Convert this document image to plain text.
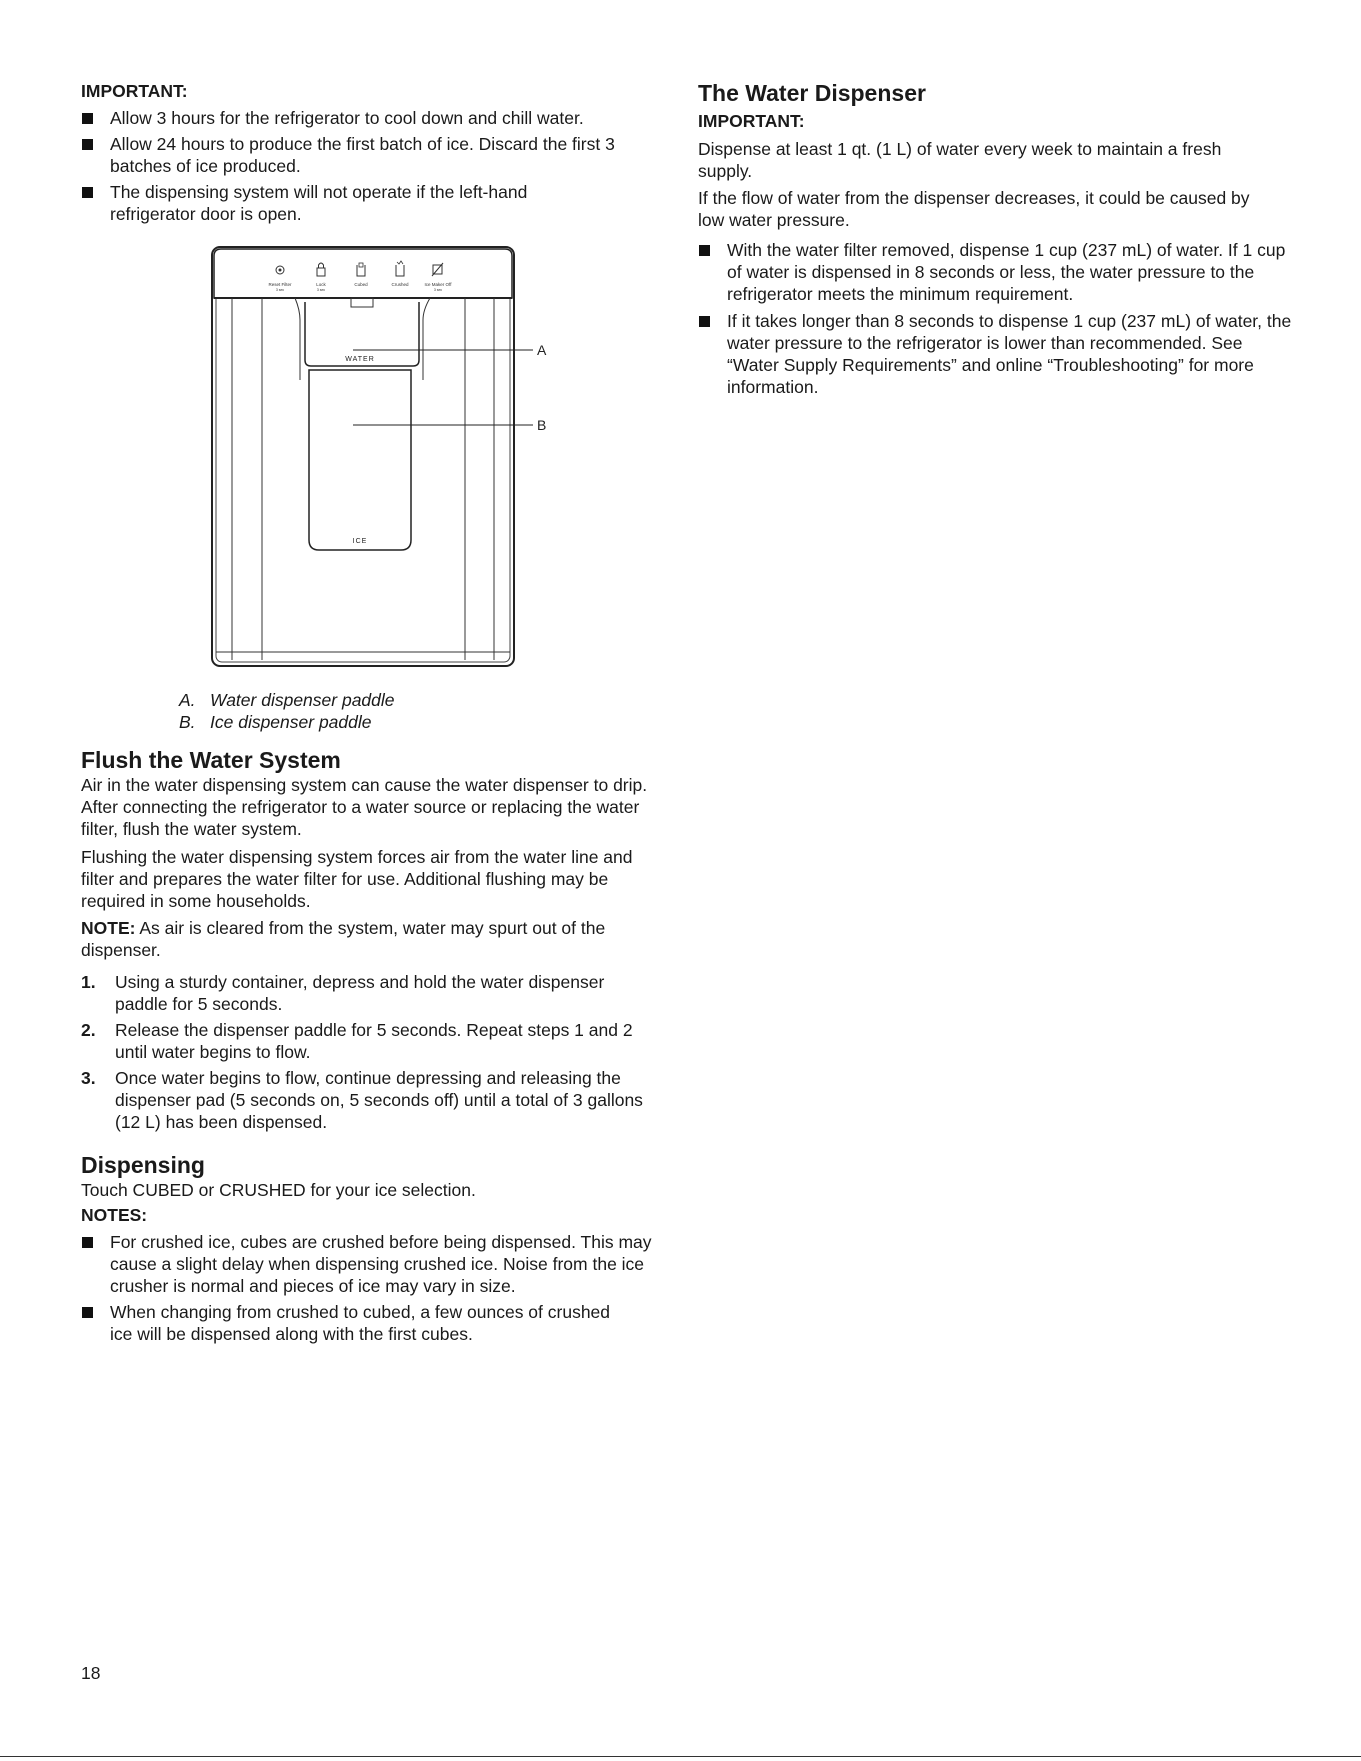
IMPORTANT:
Allow 3 hours for the refrigerator to cool down and chill water.
Allow 24 hours to produce the first batch of ice. Discard the first 3 batches of ice produced.
The dispensing system will not operate if the left-hand refrigerator door is open.
WATER
ICE
A
B
Reset Filter
3 sec
Lock
3 sec
Cubed	Crushed	Ice Maker Off
3 sec
A. Water dispenser paddle
B. Ice dispenser paddle
Flush the Water System

Air in the water dispensing system can cause the water dispenser to drip. After connecting the refrigerator to a water source or replacing the water filter, flush the water system.

Flushing the water dispensing system forces air from the water line and filter and prepares the water filter for use. Additional flushing may be required in some households.

NOTE: As air is cleared from the system, water may spurt out of the dispenser.

1. Using a sturdy container, depress and hold the water dispenser paddle for 5 seconds.
2. Release the dispenser paddle for 5 seconds. Repeat steps 1 and 2 until water begins to flow.
3. Once water begins to flow, continue depressing and releasing the dispenser pad (5 seconds on, 5 seconds off) until a total of 3 gallons (12 L) has been dispensed.
Dispensing

Touch CUBED or CRUSHED for your ice selection.

NOTES:
For crushed ice, cubes are crushed before being dispensed. This may cause a slight delay when dispensing crushed ice. Noise from the ice crusher is normal and pieces of ice may vary in size.
When changing from crushed to cubed, a few ounces of crushed ice will be dispensed along with the first cubes.
The Water Dispenser
IMPORTANT:

Dispense at least 1 qt. (1 L) of water every week to maintain a fresh supply.

If the flow of water from the dispenser decreases, it could be caused by low water pressure.

With the water filter removed, dispense 1 cup (237 mL) of water. If 1 cup of water is dispensed in 8 seconds or less, the water pressure to the refrigerator meets the minimum requirement.
If it takes longer than 8 seconds to dispense 1 cup (237 mL) of water, the water pressure to the refrigerator is lower than recommended. See “Water Supply Requirements” and online “Troubleshooting” for more information.
18
